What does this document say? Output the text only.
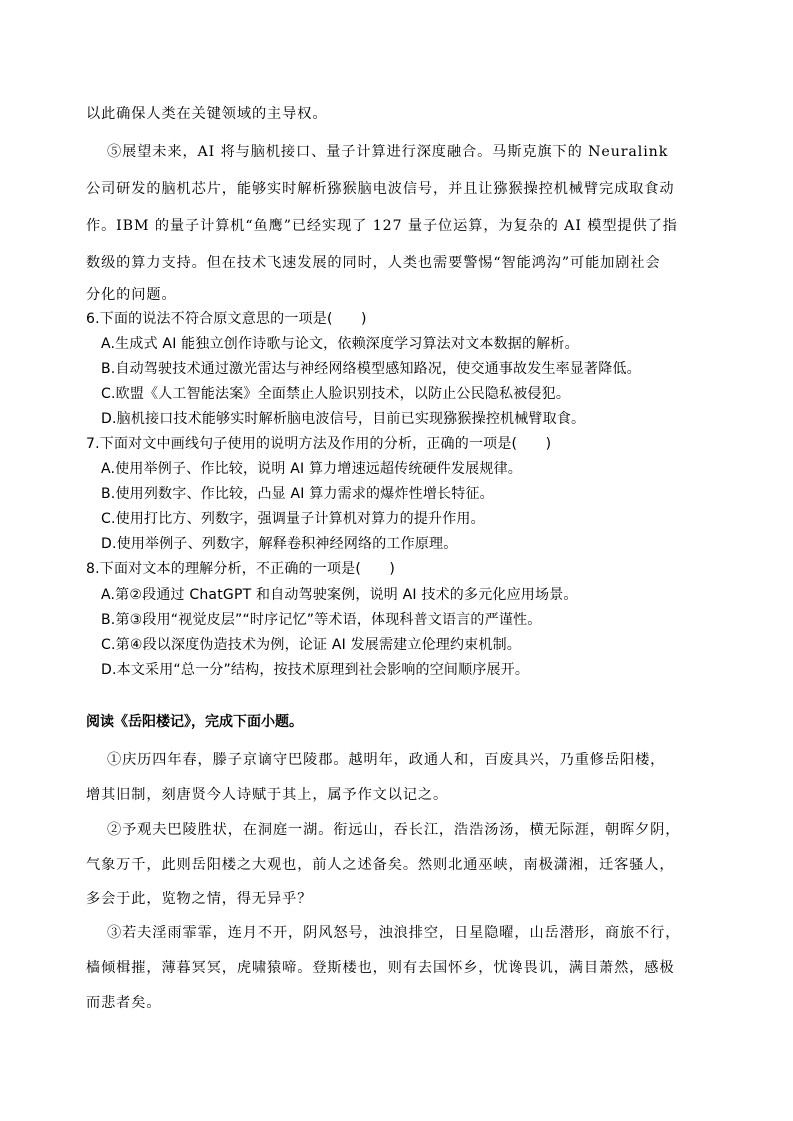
以此确保人类在关键领域的主导权。
⑤展望未来，AI 将与脑机接口、量子计算进行深度融合。马斯克旗下的 Neuralink
公司研发的脑机芯片，能够实时解析猕猴脑电波信号，并且让猕猴操控机械臂完成取食动
作。IBM 的量子计算机“鱼鹰”已经实现了 127 量子位运算，为复杂的 AI 模型提供了指
数级的算力支持。但在技术飞速发展的同时，人类也需要警惕“智能鸿沟”可能加剧社会
分化的问题。
6.下面的说法不符合原文意思的一项是(　　)
A.生成式 AI 能独立创作诗歌与论文，依赖深度学习算法对文本数据的解析。
B.自动驾驶技术通过激光雷达与神经网络模型感知路况，使交通事故发生率显著降低。
C.欧盟《人工智能法案》全面禁止人脸识别技术，以防止公民隐私被侵犯。
D.脑机接口技术能够实时解析脑电波信号，目前已实现猕猴操控机械臂取食。
7.下面对文中画线句子使用的说明方法及作用的分析，正确的一项是(　　)
A.使用举例子、作比较，说明 AI 算力增速远超传统硬件发展规律。
B.使用列数字、作比较，凸显 AI 算力需求的爆炸性增长特征。
C.使用打比方、列数字，强调量子计算机对算力的提升作用。
D.使用举例子、列数字，解释卷积神经网络的工作原理。
8.下面对文本的理解分析，不正确的一项是(　　)
A.第②段通过 ChatGPT 和自动驾驶案例，说明 AI 技术的多元化应用场景。
B.第③段用“视觉皮层”“时序记忆”等术语，体现科普文语言的严谨性。
C.第④段以深度伪造技术为例，论证 AI 发展需建立伦理约束机制。
D.本文采用“总一分”结构，按技术原理到社会影响的空间顺序展开。
阅读《岳阳楼记》，完成下面小题。
①庆历四年春，滕子京谪守巴陵郡。越明年，政通人和，百废具兴，乃重修岳阳楼，
增其旧制，刻唐贤今人诗赋于其上，属予作文以记之。
②予观夫巴陵胜状，在洞庭一湖。衔远山，吞长江，浩浩汤汤，横无际涯，朝晖夕阴，
气象万千，此则岳阳楼之大观也，前人之述备矣。然则北通巫峡，南极潇湘，迁客骚人，
多会于此，览物之情，得无异乎？
③若夫淫雨霏霏，连月不开，阴风怒号，浊浪排空，日星隐曜，山岳潜形，商旅不行，
樯倾楫摧，薄暮冥冥，虎啸猿啼。登斯楼也，则有去国怀乡，忧谗畏讥，满目萧然，感极
而悲者矣。
